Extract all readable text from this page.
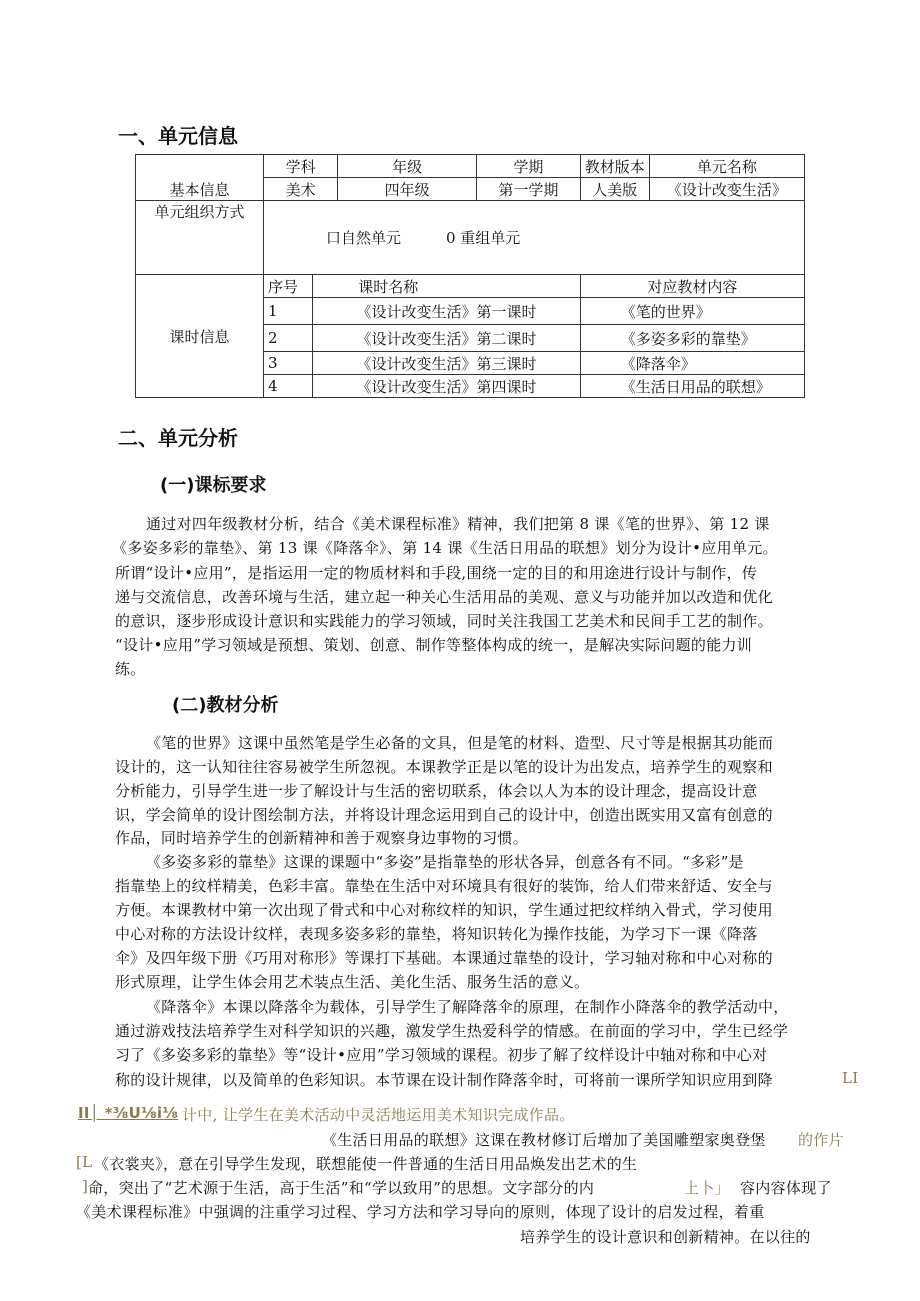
一、单元信息
基本信息	学科		年级	学期	教材版本	单元名称
	美术		四年级	第一学期	人美版	《设计改变生活》
单元组织方式	口自然单元　　　0 重组单元					
课时信息	序号	课时名称			对应教材内容	
	1	《设计改变生活》第一课时			《笔的世界》	
	2	《设计改变生活》第二课时			《多姿多彩的靠垫》	
	3	《设计改变生活》第三课时			《降落伞》	
	4	《设计改变生活》第四课时			《生活日用品的联想》	
二、单元分析
(一)课标要求
通过对四年级教材分析，结合《美术课程标准》精神，我们把第 8 课《笔的世界》、第 12 课
《多姿多彩的靠垫》、第 13 课《降落伞》、第 14 课《生活日用品的联想》划分为设计•应用单元。
所谓“设计•应用”，是指运用一定的物质材料和手段,围绕一定的目的和用途进行设计与制作，传
递与交流信息，改善环境与生活，建立起一种关心生活用品的美观、意义与功能并加以改造和优化
的意识，逐步形成设计意识和实践能力的学习领域，同时关注我国工艺美术和民间手工艺的制作。
“设计•应用”学习领域是预想、策划、创意、制作等整体构成的统一，是解决实际问题的能力训
练。
(二)教材分析
《笔的世界》这课中虽然笔是学生必备的文具，但是笔的材料、造型、尺寸等是根据其功能而
设计的，这一认知往往容易被学生所忽视。本课教学正是以笔的设计为出发点，培养学生的观察和
分析能力，引导学生进一步了解设计与生活的密切联系，体会以人为本的设计理念，提高设计意
识，学会简单的设计图绘制方法，并将设计理念运用到自己的设计中，创造出既实用又富有创意的
作品，同时培养学生的创新精神和善于观察身边事物的习惯。
《多姿多彩的靠垫》这课的课题中“多姿”是指靠垫的形状各异，创意各有不同。“多彩”是
指靠垫上的纹样精美，色彩丰富。靠垫在生活中对环境具有很好的装饰，给人们带来舒适、安全与
方便。本课教材中第一次出现了骨式和中心对称纹样的知识，学生通过把纹样纳入骨式，学习使用
中心对称的方法设计纹样，表现多姿多彩的靠垫，将知识转化为操作技能，为学习下一课《降落
伞》及四年级下册《巧用对称形》等课打下基础。本课通过靠垫的设计，学习轴对称和中心对称的
形式原理，让学生体会用艺术装点生活、美化生活、服务生活的意义。
《降落伞》本课以降落伞为载体，引导学生了解降落伞的原理，在制作小降落伞的教学活动中，
通过游戏技法培养学生对科学知识的兴趣，激发学生热爱科学的情感。在前面的学习中，学生已经学
习了《多姿多彩的靠垫》等“设计•应用”学习领域的课程。初步了解了纹样设计中轴对称和中心对
称的设计规律，以及简单的色彩知识。本节课在设计制作降落伞时，可将前一课所学知识应用到降	LI
II│ *⅜U⅛i⅛ 计中, 让学生在美术活动中灵活地运用美术知识完成作品。
《生活日用品的联想》这课在教材修订后增加了美国雕塑家奥登堡 的作片
[L 《衣裳夹》，意在引导学生发现，联想能使一件普通的生活日用品焕发出艺术的生
] 命，突出了“艺术源于生活，高于生活”和“学以致用”的思想。文字部分的内	上卜」 容内容体现了
《美术课程标准》中强调的注重学习过程、学习方法和学习导向的原则，体现了设计的启发过程，着重
培养学生的设计意识和创新精神。在以往的
